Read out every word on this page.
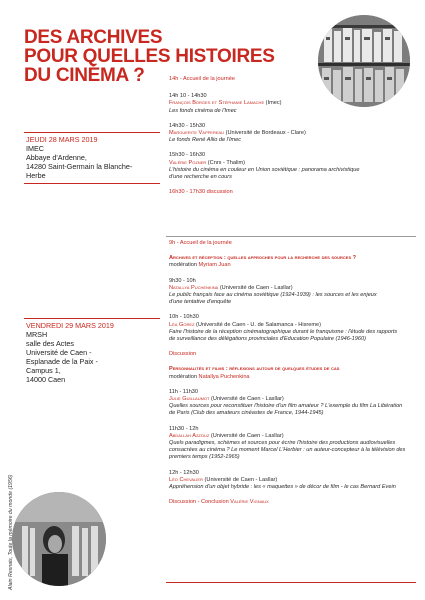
DES ARCHIVES
POUR QUELLES HISTOIRES
DU CINÉMA ?
Alain Resnais, Toute la mémoire du monde (1956)
JEUDI 28 MARS 2019
IMEC
Abbaye d'Ardenne,
14280 Saint-Germain la Blanche-
Herbe
14h - Accueil de la journée
14h 10 - 14h30
François Borges et Stéphanie Lamache (Imec)
Les fonds cinéma de l'Imec
14h30 - 15h30
Marguerite Vappereau (Université de Bordeaux - Clare)
Le fonds René Allio de l'Imec
15h30 - 16h30
Valérie Pozner (Cnrs - Thalim)
L'histoire du cinéma en couleur en Union soviétique : panorama archivistique
d'une recherche en cours
16h30 - 17h30 discussion
VENDREDI 29 MARS 2019
MRSH
salle des Actes
Université de Caen -
Esplanade de la Paix -
Campus 1,
14000 Caen
9h - Accueil de la journée
Archives et réception : quelles approches pour la recherche des sources ?
modération Myriam Juan
9h30 - 10h
Natallya Puchenkina (Université de Caen - Lasllar)
Le public français face au cinéma soviétique (1924-1939) : les sources et les enjeux
d'une tentative d'enquête
10h - 10h30
Léa Gorez (Université de Caen - U. de Salamanca - Hisreme)
Faire l'histoire de la réception cinématographique durant le franquisme : l'étude des rapports
de surveillance des délégations provinciales d'Education Populaire (1946-1960)
Discussion
Personnalités et films : réflexions autour de quelques études de cas
modération Natallya Puchenkina
11h - 11h30
Julie Guillaumot (Université de Caen - Lasllar)
Quelles sources pour reconstituer l'histoire d'un film amateur ? L'exemple du film La Libération
de Paris (Club des amateurs cinéastes de France, 1944-1945)
11h30 - 12h
Abdallah Azzouz (Université de Caen - Lasllar)
Quels paradigmes, schèmes et sources pour écrire l'histoire des productions audiovisuelles
consacrées au cinéma ? Le moment Marcel L'Herbier : un auteur-concepteur à la télévision des
premiers temps (1952-1965)
12h - 12h30
Léo Chevalier (Université de Caen - Lasllar)
Appréhension d'un objet hybride : les « maquettes » de décor de film - le cas Bernard Evein
Discussion - Conclusion Valérie Vignaux
